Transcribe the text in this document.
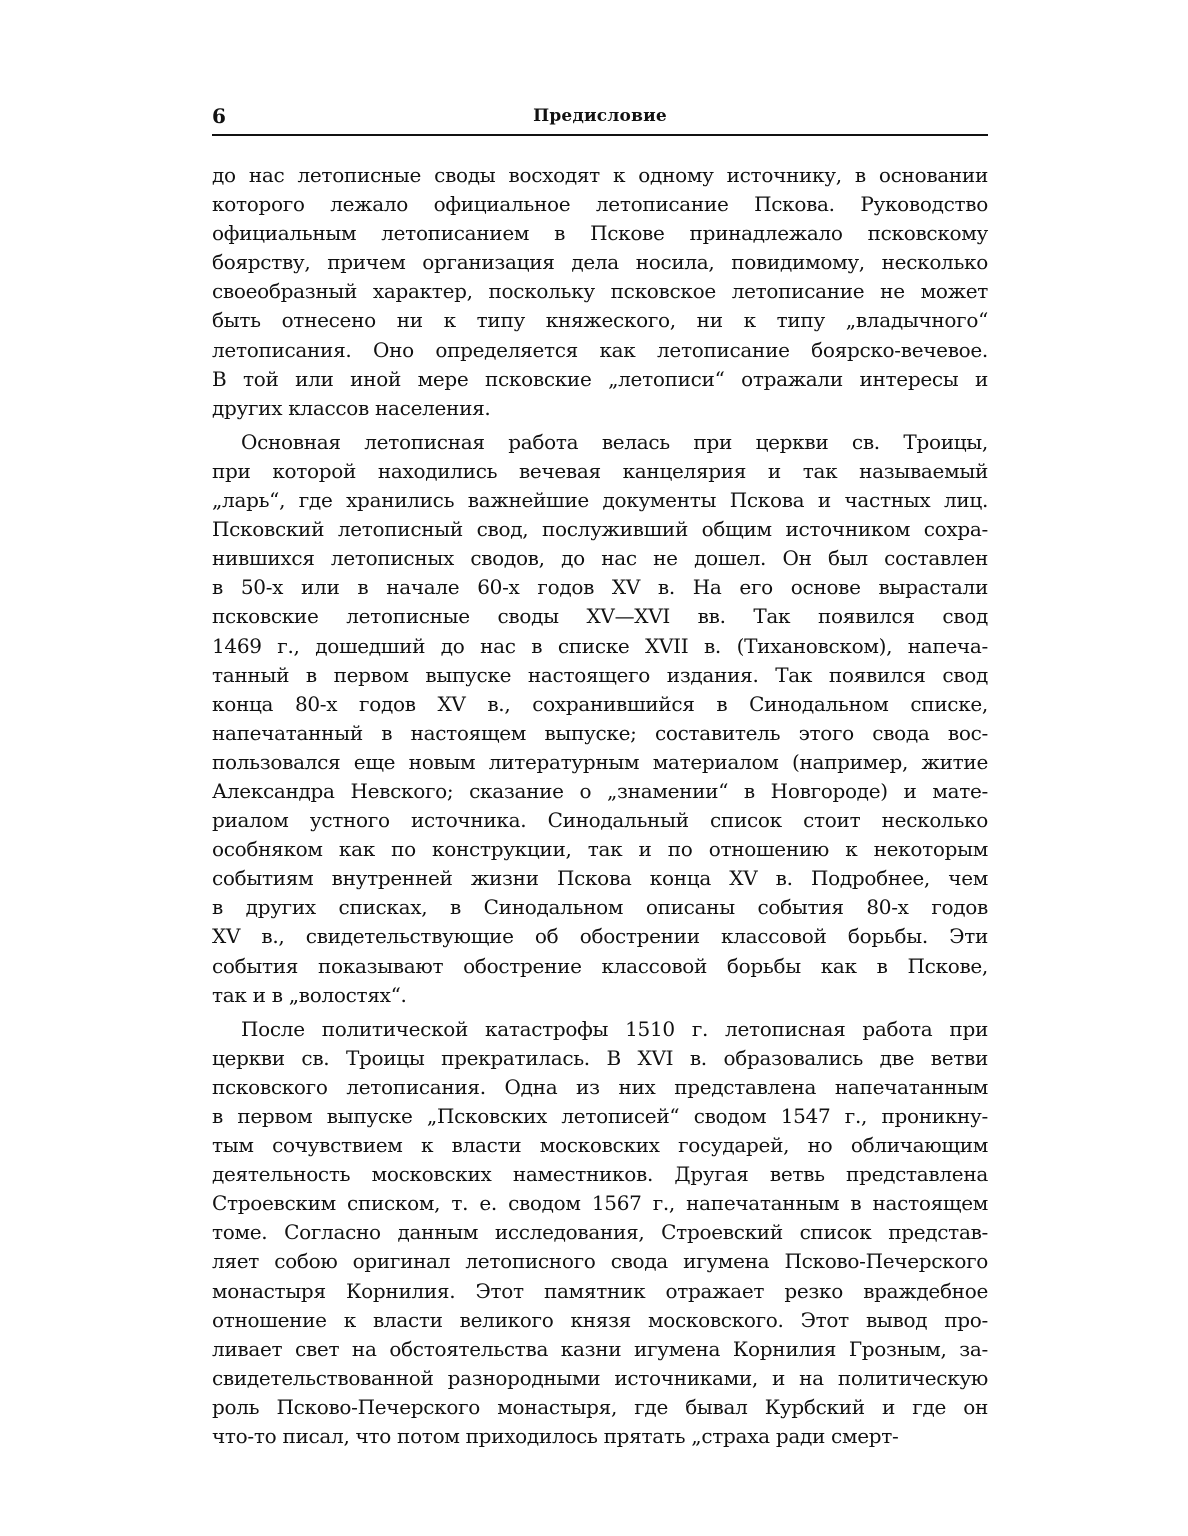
6	Предисловие

до нас летописные своды восходят к одному источнику, в основании
которого лежало официальное летописание Пскова. Руководство
официальным летописанием в Пскове принадлежало псковскому
боярству, причем организация дела носила, повидимому, несколько
своеобразный характер, поскольку псковское летописание не может
быть отнесено ни к типу княжеского, ни к типу „владычного“
летописания. Оно определяется как летописание боярско-вечевое.
В той или иной мере псковские „летописи“ отражали интересы и
других классов населения.

Основная летописная работа велась при церкви св. Троицы,
при которой находились вечевая канцелярия и так называемый
„ларь“, где хранились важнейшие документы Пскова и частных лиц.
Псковский летописный свод, послуживший общим источником сохра-
нившихся летописных сводов, до нас не дошел. Он был составлен
в 50-х или в начале 60-х годов XV в. На его основе вырастали
псковские летописные своды XV—XVI вв. Так появился свод
1469 г., дошедший до нас в списке XVII в. (Тихановском), напеча-
танный в первом выпуске настоящего издания. Так появился свод
конца 80-х годов XV в., сохранившийся в Синодальном списке,
напечатанный в настоящем выпуске; составитель этого свода вос-
пользовался еще новым литературным материалом (например, житие
Александра Невского; сказание о „знамении“ в Новгороде) и мате-
риалом устного источника. Синодальный список стоит несколько
особняком как по конструкции, так и по отношению к некоторым
событиям внутренней жизни Пскова конца XV в. Подробнее, чем
в других списках, в Синодальном описаны события 80-х годов
XV в., свидетельствующие об обострении классовой борьбы. Эти
события показывают обострение классовой борьбы как в Пскове,
так и в „волостях“.

После политической катастрофы 1510 г. летописная работа при
церкви св. Троицы прекратилась. В XVI в. образовались две ветви
псковского летописания. Одна из них представлена напечатанным
в первом выпуске „Псковских летописей“ сводом 1547 г., проникну-
тым сочувствием к власти московских государей, но обличающим
деятельность московских наместников. Другая ветвь представлена
Строевским списком, т. е. сводом 1567 г., напечатанным в настоящем
томе. Согласно данным исследования, Строевский список представ-
ляет собою оригинал летописного свода игумена Псково-Печерского
монастыря Корнилия. Этот памятник отражает резко враждебное
отношение к власти великого князя московского. Этот вывод про-
ливает свет на обстоятельства казни игумена Корнилия Грозным, за-
свидетельствованной разнородными источниками, и на политическую
роль Псково-Печерского монастыря, где бывал Курбский и где он
что-то писал, что потом приходилось прятать „страха ради смерт-
